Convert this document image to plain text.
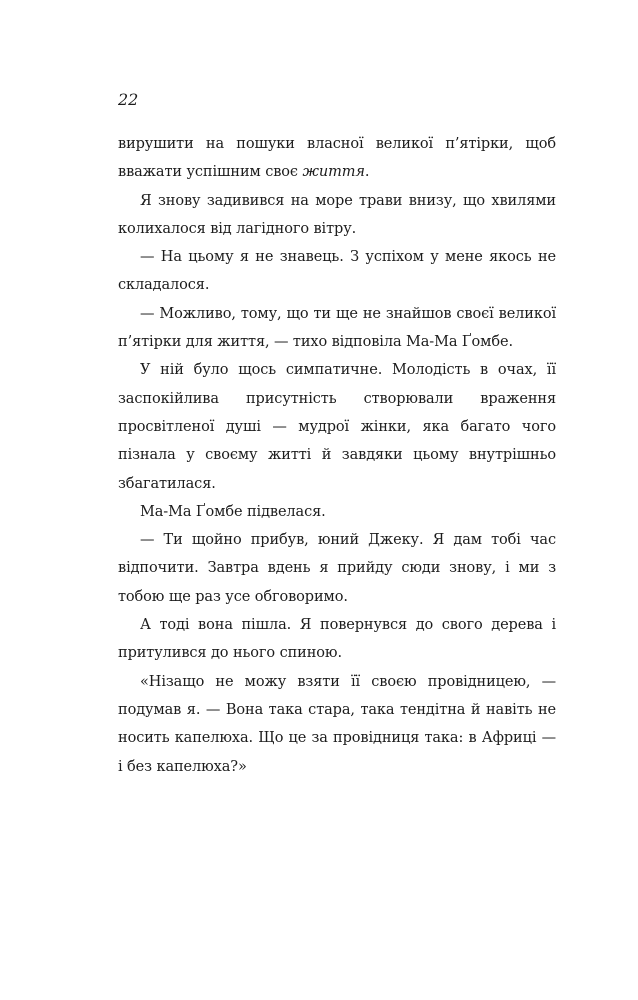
22

вирушити на пошуки власної великої п’ятірки, щоб вважати успішним своє життя.

Я знову задивився на море трави внизу, що хвилями колихалося від лагідного вітру.

— На цьому я не знавець. З успіхом у мене якось не складалося.

— Можливо, тому, що ти ще не знайшов своєї великої п’ятірки для життя, — тихо відповіла Ма-Ма Ґомбе.

У ній було щось симпатичне. Молодість в очах, її заспокійлива присутність створювали враження просвітленої душі — мудрої жінки, яка багато чого пізнала у своєму житті й завдяки цьому внутрішньо збагатилася.

Ма-Ма Ґомбе підвелася.

— Ти щойно прибув, юний Джеку. Я дам тобі час відпочити. Завтра вдень я прийду сюди знову, і ми з тобою ще раз усе обговоримо.

А тоді вона пішла. Я повернувся до свого дерева і притулився до нього спиною.

«Нізащо не можу взяти її своєю провідницею, — подумав я. — Вона така стара, така тендітна й навіть не носить капелюха. Що це за провідниця така: в Африці — і без капелюха?»
